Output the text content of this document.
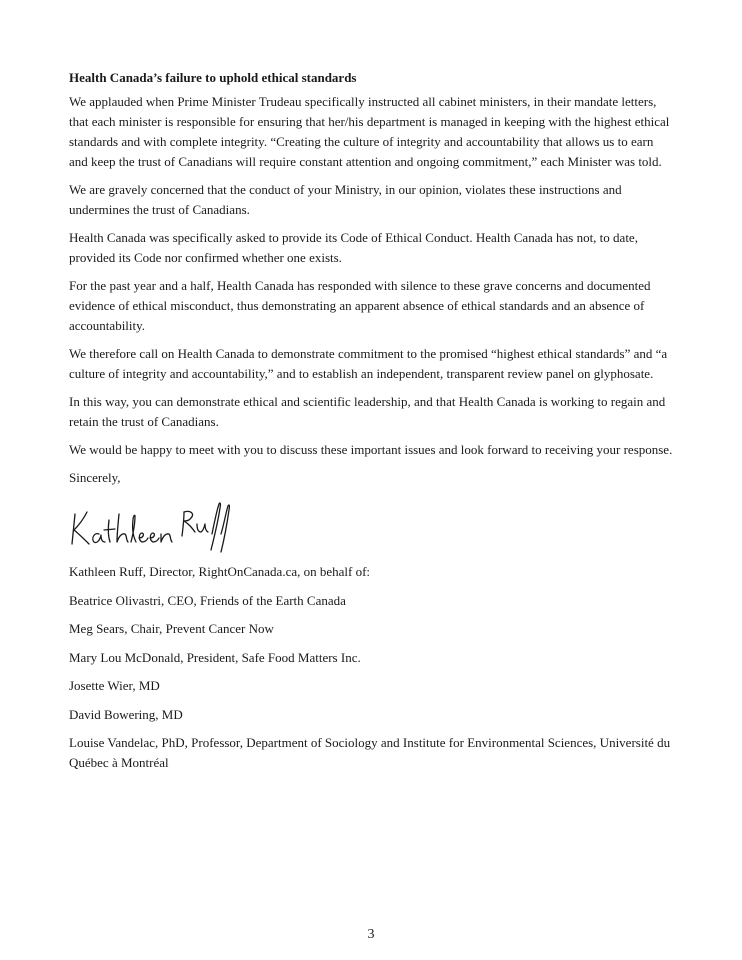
Health Canada’s failure to uphold ethical standards

We applauded when Prime Minister Trudeau specifically instructed all cabinet ministers, in their mandate letters, that each minister is responsible for ensuring that her/his department is managed in keeping with the highest ethical standards and with complete integrity. “Creating the culture of integrity and accountability that allows us to earn and keep the trust of Canadians will require constant attention and ongoing commitment,” each Minister was told.

We are gravely concerned that the conduct of your Ministry, in our opinion, violates these instructions and undermines the trust of Canadians.

Health Canada was specifically asked to provide its Code of Ethical Conduct. Health Canada has not, to date, provided its Code nor confirmed whether one exists.

For the past year and a half, Health Canada has responded with silence to these grave concerns and documented evidence of ethical misconduct, thus demonstrating an apparent absence of ethical standards and an absence of accountability.

We therefore call on Health Canada to demonstrate commitment to the promised “highest ethical standards” and “a culture of integrity and accountability,” and to establish an independent, transparent review panel on glyphosate.

In this way, you can demonstrate ethical and scientific leadership, and that Health Canada is working to regain and retain the trust of Canadians.

We would be happy to meet with you to discuss these important issues and look forward to receiving your response.

Sincerely,
Kathleen Ruff, Director, RightOnCanada.ca, on behalf of:
Beatrice Olivastri, CEO, Friends of the Earth Canada
Meg Sears, Chair, Prevent Cancer Now
Mary Lou McDonald, President, Safe Food Matters Inc.
Josette Wier, MD
David Bowering, MD
Louise Vandelac, PhD, Professor, Department of Sociology and Institute for Environmental Sciences, Université du Québec à Montréal
3
